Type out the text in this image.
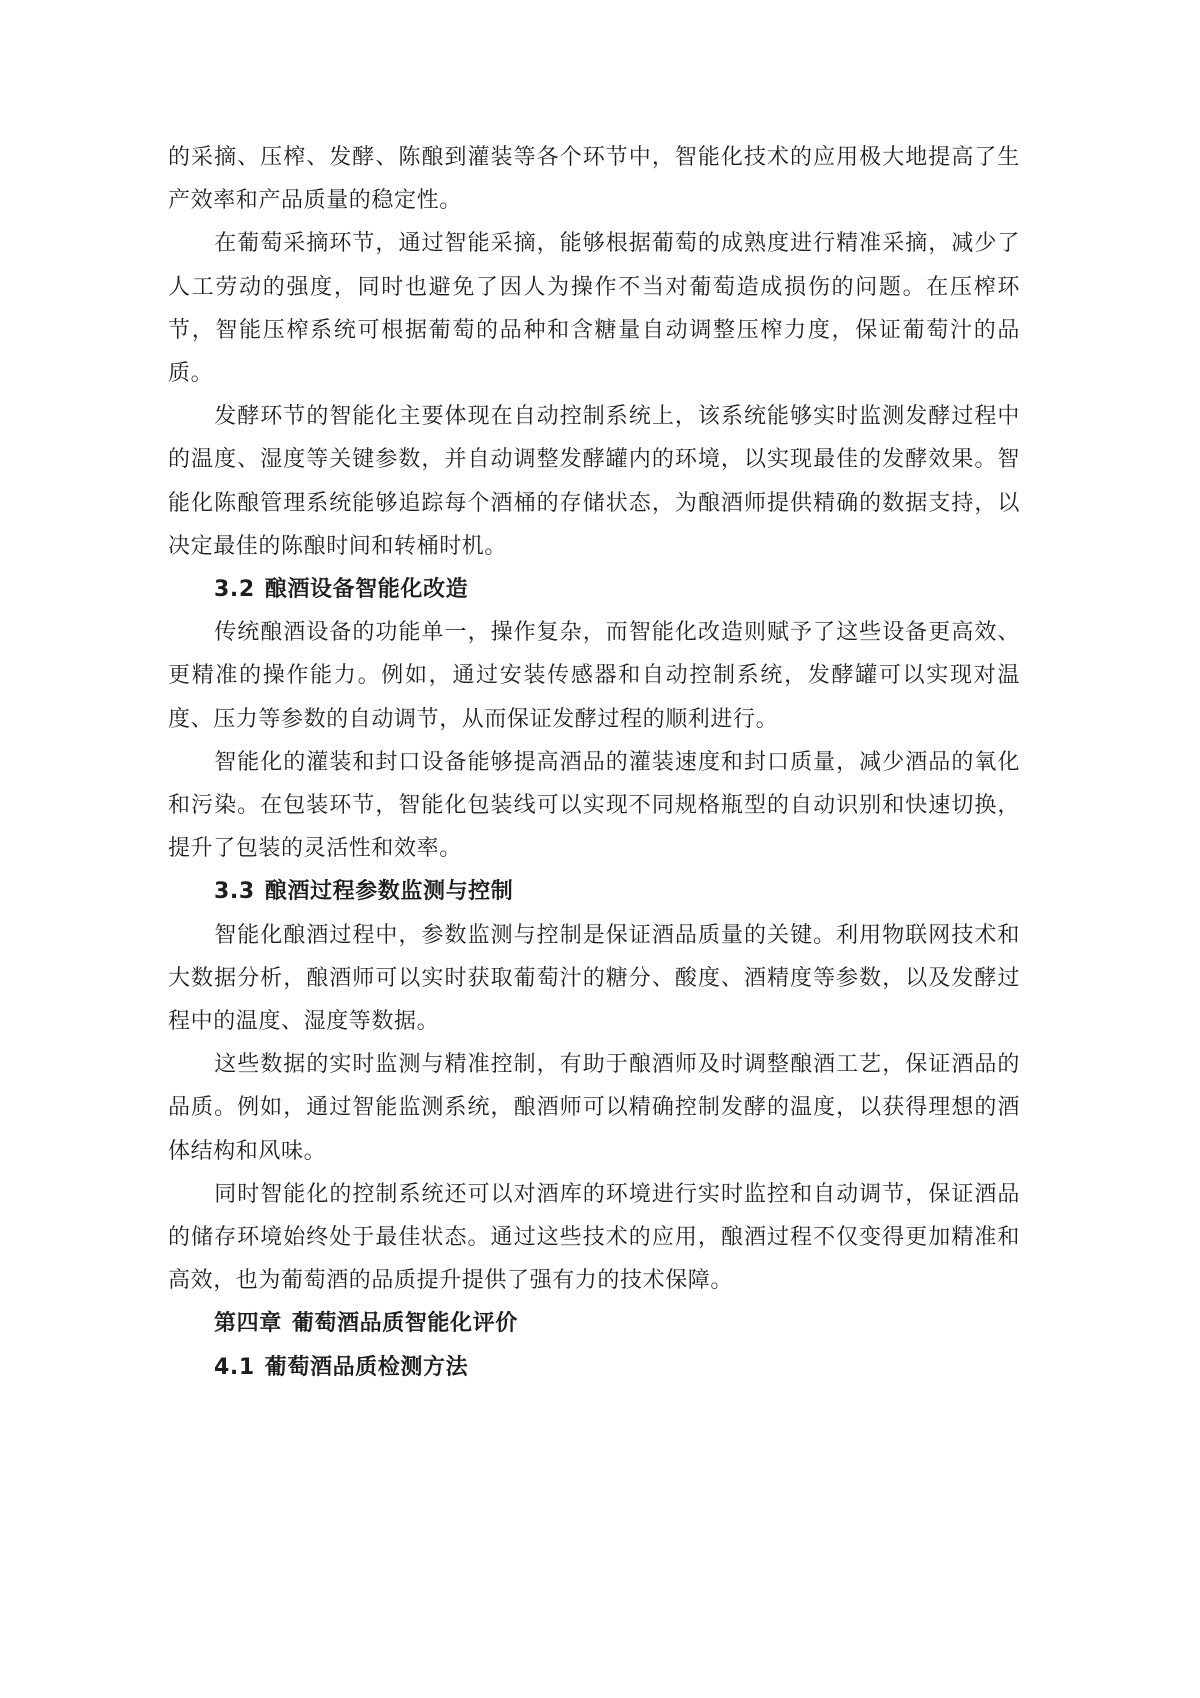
的采摘、压榨、发酵、陈酿到灌装等各个环节中，智能化技术的应用极大地提高了生产效率和产品质量的稳定性。

在葡萄采摘环节，通过智能采摘，能够根据葡萄的成熟度进行精准采摘，减少了人工劳动的强度，同时也避免了因人为操作不当对葡萄造成损伤的问题。在压榨环节，智能压榨系统可根据葡萄的品种和含糖量自动调整压榨力度，保证葡萄汁的品质。

发酵环节的智能化主要体现在自动控制系统上，该系统能够实时监测发酵过程中的温度、湿度等关键参数，并自动调整发酵罐内的环境，以实现最佳的发酵效果。智能化陈酿管理系统能够追踪每个酒桶的存储状态，为酿酒师提供精确的数据支持，以决定最佳的陈酿时间和转桶时机。

3.2 酿酒设备智能化改造

传统酿酒设备的功能单一，操作复杂，而智能化改造则赋予了这些设备更高效、更精准的操作能力。例如，通过安装传感器和自动控制系统，发酵罐可以实现对温度、压力等参数的自动调节，从而保证发酵过程的顺利进行。

智能化的灌装和封口设备能够提高酒品的灌装速度和封口质量，减少酒品的氧化和污染。在包装环节，智能化包装线可以实现不同规格瓶型的自动识别和快速切换，提升了包装的灵活性和效率。

3.3 酿酒过程参数监测与控制

智能化酿酒过程中，参数监测与控制是保证酒品质量的关键。利用物联网技术和大数据分析，酿酒师可以实时获取葡萄汁的糖分、酸度、酒精度等参数，以及发酵过程中的温度、湿度等数据。

这些数据的实时监测与精准控制，有助于酿酒师及时调整酿酒工艺，保证酒品的品质。例如，通过智能监测系统，酿酒师可以精确控制发酵的温度，以获得理想的酒体结构和风味。

同时智能化的控制系统还可以对酒库的环境进行实时监控和自动调节，保证酒品的储存环境始终处于最佳状态。通过这些技术的应用，酿酒过程不仅变得更加精准和高效，也为葡萄酒的品质提升提供了强有力的技术保障。

第四章 葡萄酒品质智能化评价
4.1 葡萄酒品质检测方法
